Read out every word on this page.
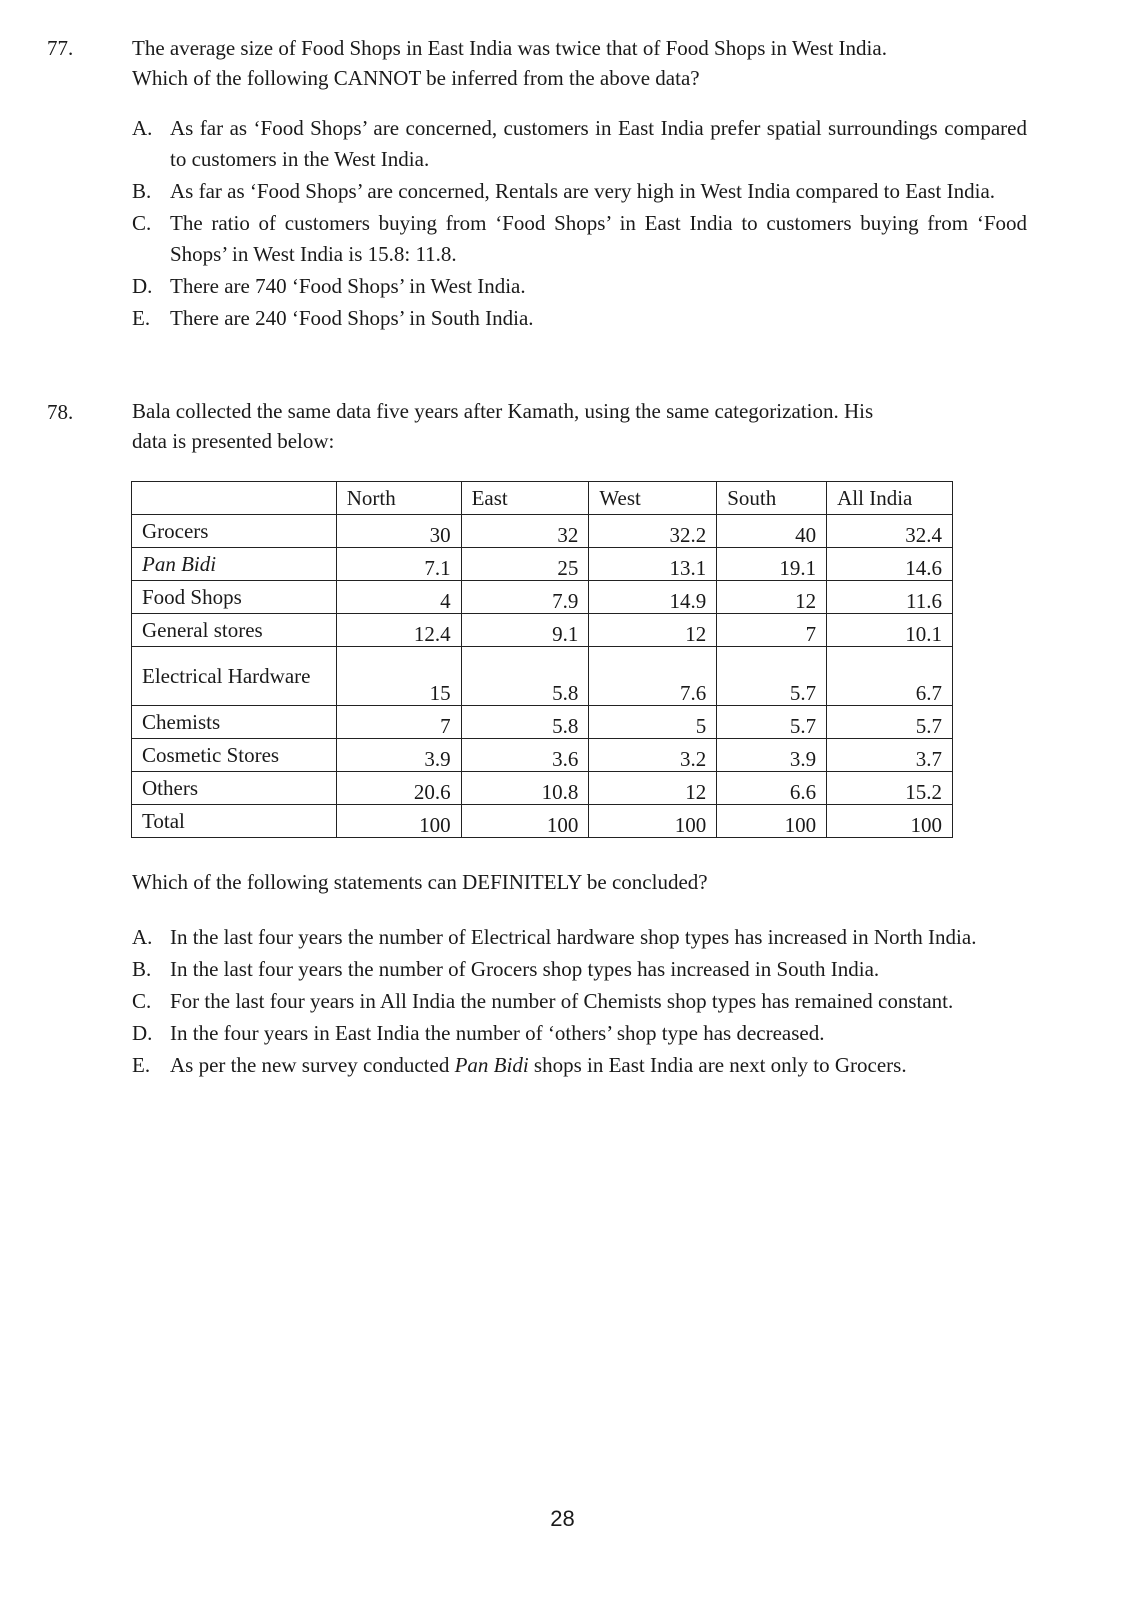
77.	The average size of Food Shops in East India was twice that of Food Shops in West India.
Which of the following CANNOT be inferred from the above data?
A. As far as ‘Food Shops’ are concerned, customers in East India prefer spatial surroundings compared to customers in the West India.
B. As far as ‘Food Shops’ are concerned, Rentals are very high in West India compared to East India.
C. The ratio of customers buying from ‘Food Shops’ in East India to customers buying from ‘Food Shops’ in West India is 15.8: 11.8.
D. There are 740 ‘Food Shops’ in West India.
E. There are 240 ‘Food Shops’ in South India.
78.	Bala collected the same data five years after Kamath, using the same categorization. His
data is presented below:
	North	East	West	South	All India
Grocers	30	32	32.2	40	32.4
Pan Bidi	7.1	25	13.1	19.1	14.6
Food Shops	4	7.9	14.9	12	11.6
General stores	12.4	9.1	12	7	10.1
Electrical Hardware	15	5.8	7.6	5.7	6.7
Chemists	7	5.8	5	5.7	5.7
Cosmetic Stores	3.9	3.6	3.2	3.9	3.7
Others	20.6	10.8	12	6.6	15.2
Total	100	100	100	100	100
Which of the following statements can DEFINITELY be concluded?
A. In the last four years the number of Electrical hardware shop types has increased in North India.
B. In the last four years the number of Grocers shop types has increased in South India.
C. For the last four years in All India the number of Chemists shop types has remained constant.
D. In the four years in East India the number of ‘others’ shop type has decreased.
E. As per the new survey conducted Pan Bidi shops in East India are next only to Grocers.
28
